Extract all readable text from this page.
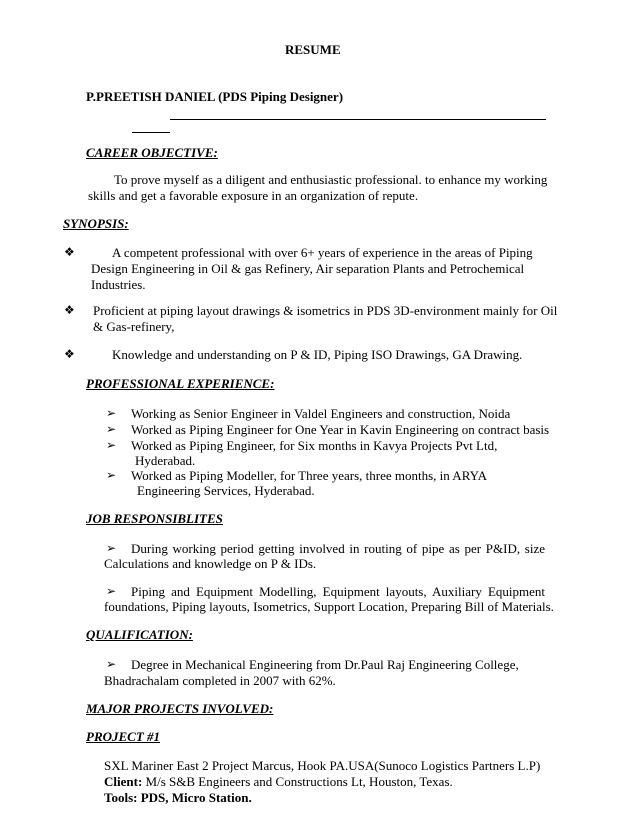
RESUME
P.PREETISH DANIEL (PDS Piping Designer)
CAREER OBJECTIVE:
To prove myself as a diligent and enthusiastic professional. to enhance my working
skills and get a favorable exposure in an organization of repute.
SYNOPSIS:
❖	A competent professional with over 6+ years of experience in the areas of Piping
Design Engineering in Oil & gas Refinery, Air separation Plants and Petrochemical
Industries.
❖ Proficient at piping layout drawings & isometrics in PDS 3D-environment mainly for Oil
& Gas-refinery,
❖	Knowledge and understanding on P & ID, Piping ISO Drawings, GA Drawing.
PROFESSIONAL EXPERIENCE:
➢ Working as Senior Engineer in Valdel Engineers and construction, Noida
➢ Worked as Piping Engineer for One Year in Kavin Engineering on contract basis
➢ Worked as Piping Engineer, for Six months in Kavya Projects Pvt Ltd,
Hyderabad.
➢ Worked as Piping Modeller, for Three years, three months, in ARYA
Engineering Services, Hyderabad.
JOB RESPONSIBLITES
➢ During working period getting involved in routing of pipe as per P&ID, size
Calculations and knowledge on P & IDs.
➢ Piping and Equipment Modelling, Equipment layouts, Auxiliary Equipment
foundations, Piping layouts, Isometrics, Support Location, Preparing Bill of Materials.
QUALIFICATION:
➢ Degree in Mechanical Engineering from Dr.Paul Raj Engineering College,
Bhadrachalam completed in 2007 with 62%.
MAJOR PROJECTS INVOLVED:
PROJECT #1
SXL Mariner East 2 Project Marcus, Hook PA.USA(Sunoco Logistics Partners L.P)
Client: M/s S&B Engineers and Constructions Lt, Houston, Texas.
Tools: PDS, Micro Station.
